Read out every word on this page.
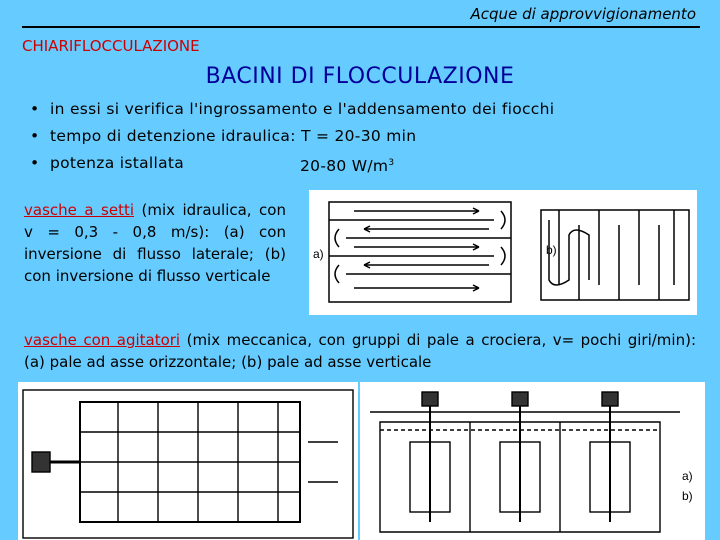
Acque di approvvigionamento
CHIARIFLOCCULAZIONE
BACINI DI FLOCCULAZIONE
• in essi si verifica l'ingrossamento e l'addensamento dei fiocchi
• tempo di detenzione idraulica: T = 20-30 min
• potenza istallata	20-80 $W/m^3$
vasche a setti (mix idraulica, con v = 0,3 - 0,8 m/s): (a) con inversione di flusso laterale; (b) con inversione di flusso verticale
a)	b)
vasche con agitatori (mix meccanica, con gruppi di pale a crociera, v= pochi giri/min): (a) pale ad asse orizzontale; (b) pale ad asse verticale
a)
b)
